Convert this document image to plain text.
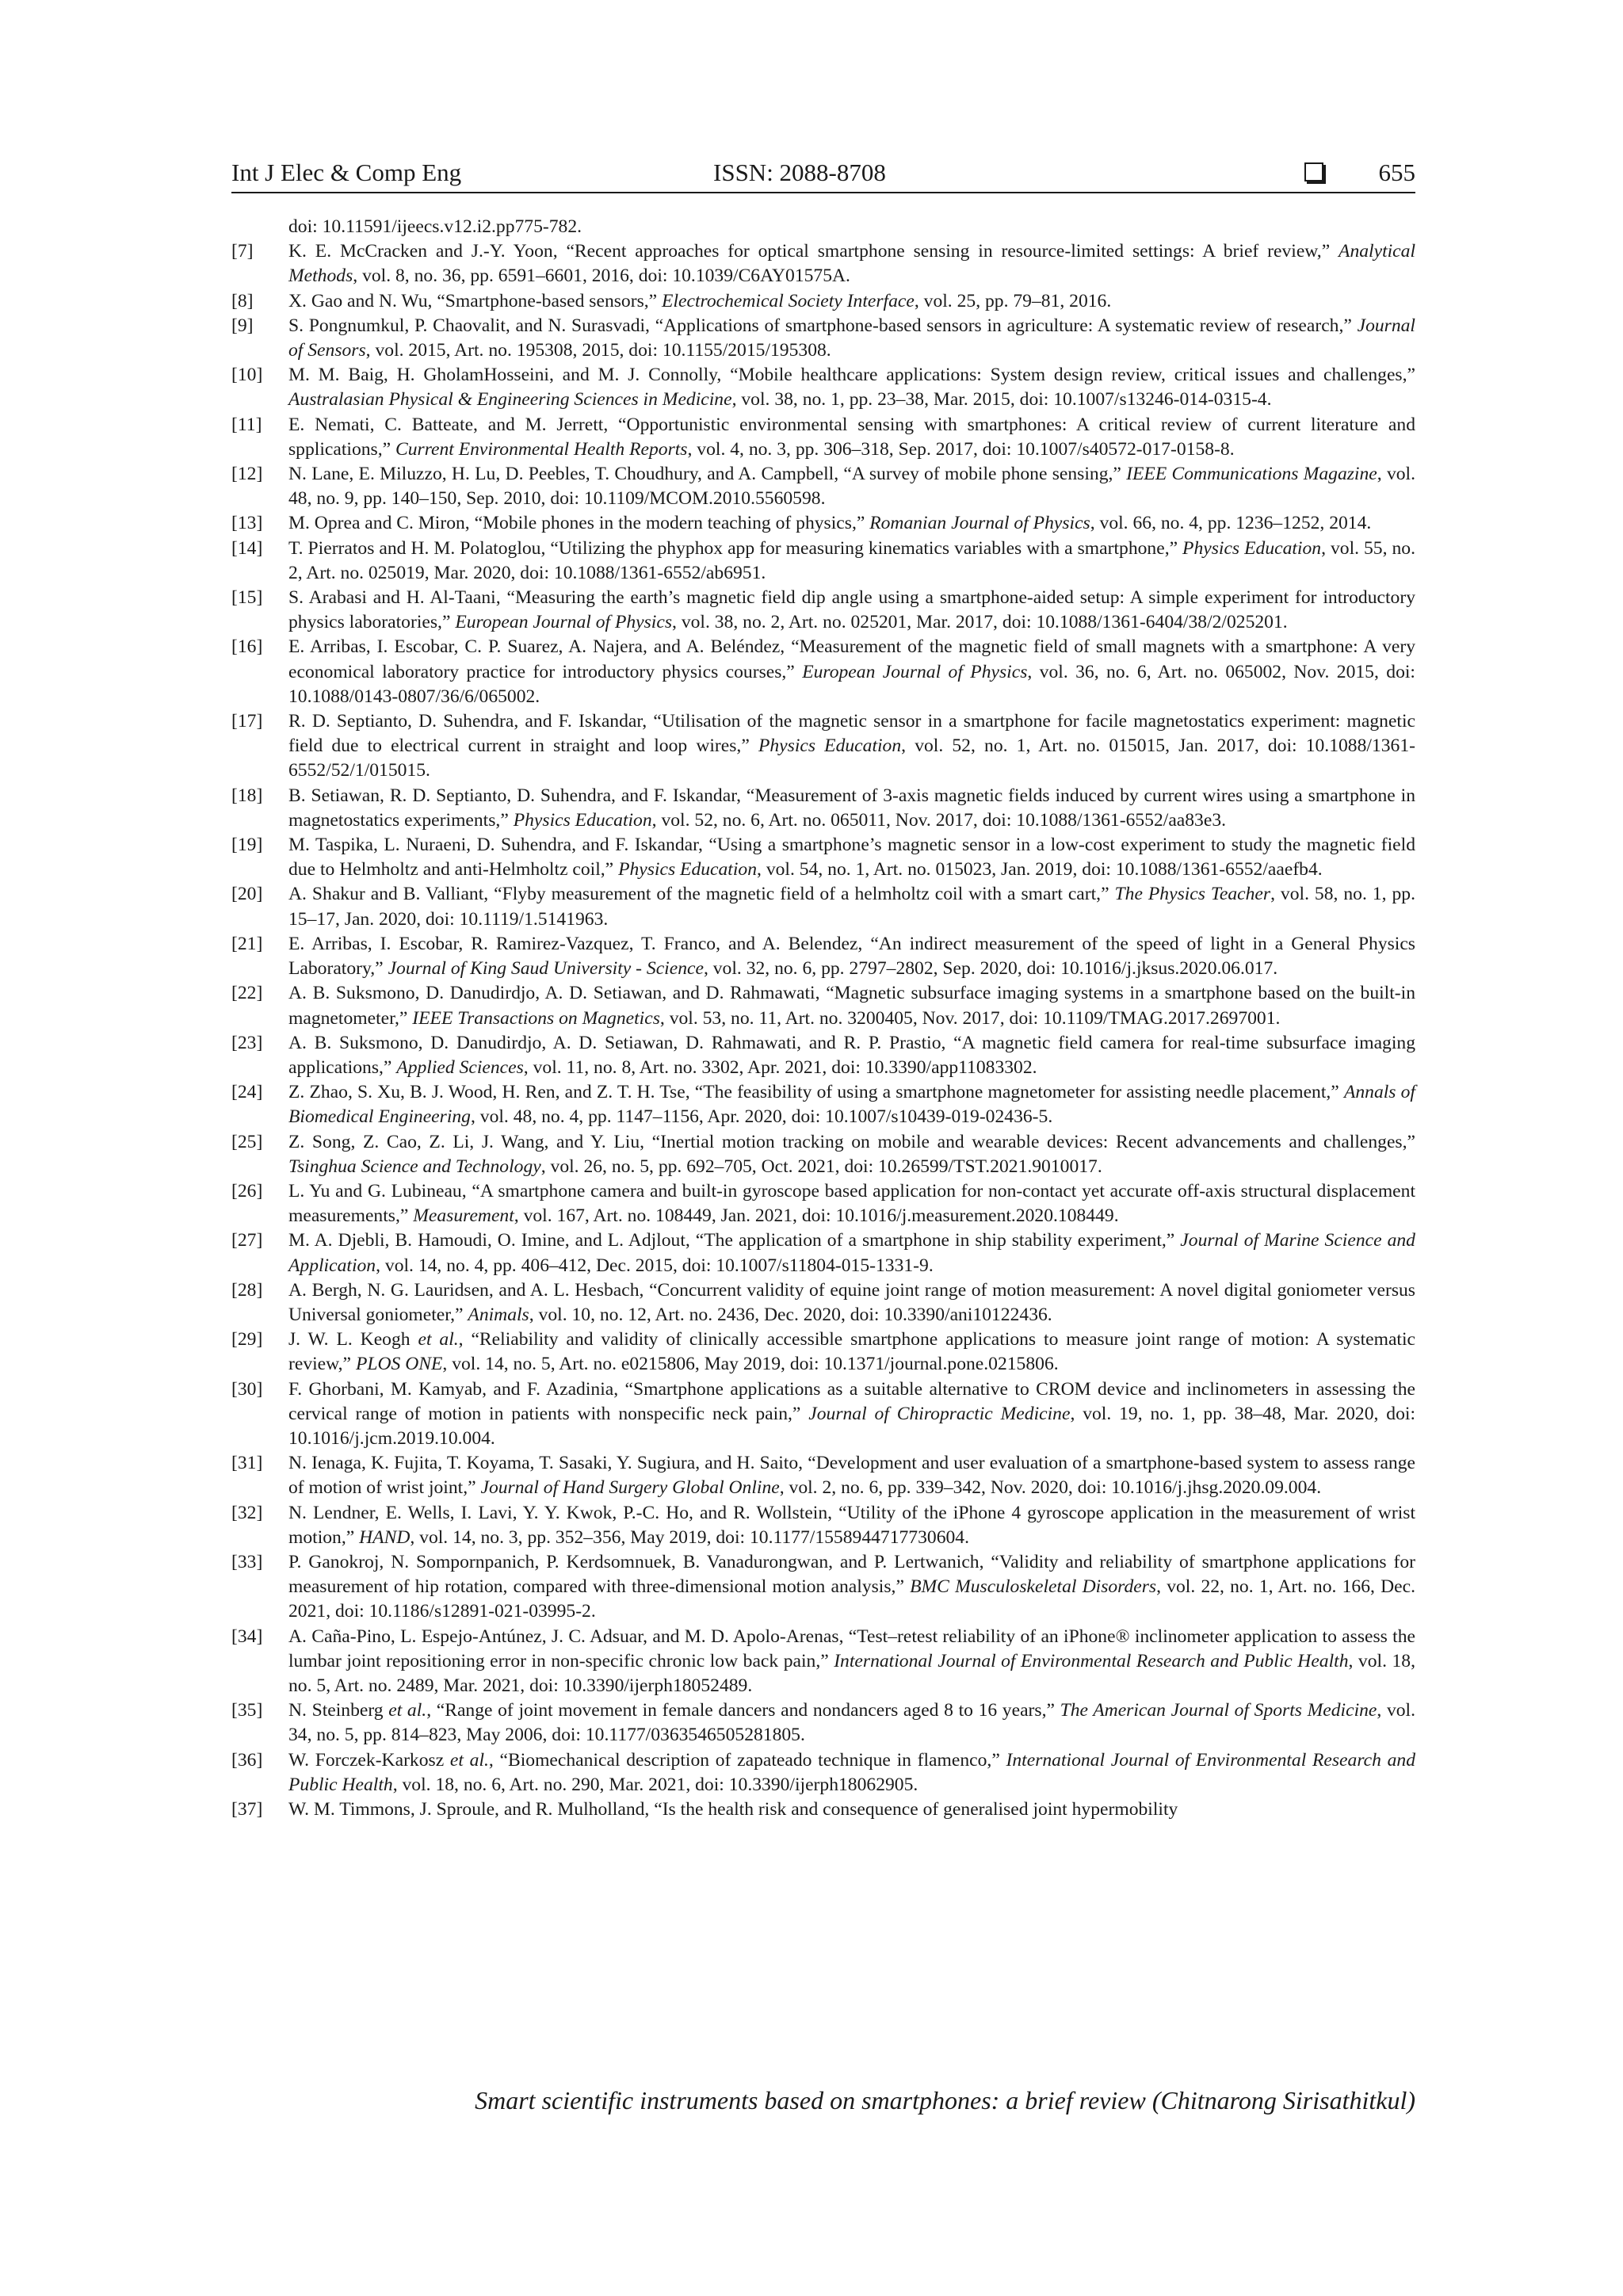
Int J Elec & Comp Eng	ISSN: 2088-8708	655
doi: 10.11591/ijeecs.v12.i2.pp775-782.
[7]	K. E. McCracken and J.-Y. Yoon, “Recent approaches for optical smartphone sensing in resource-limited settings: A brief review,” Analytical Methods, vol. 8, no. 36, pp. 6591–6601, 2016, doi: 10.1039/C6AY01575A.
[8]	X. Gao and N. Wu, “Smartphone-based sensors,” Electrochemical Society Interface, vol. 25, pp. 79–81, 2016.
[9]	S. Pongnumkul, P. Chaovalit, and N. Surasvadi, “Applications of smartphone-based sensors in agriculture: A systematic review of research,” Journal of Sensors, vol. 2015, Art. no. 195308, 2015, doi: 10.1155/2015/195308.
[10]	M. M. Baig, H. GholamHosseini, and M. J. Connolly, “Mobile healthcare applications: System design review, critical issues and challenges,” Australasian Physical & Engineering Sciences in Medicine, vol. 38, no. 1, pp. 23–38, Mar. 2015, doi: 10.1007/s13246-014-0315-4.
[11]	E. Nemati, C. Batteate, and M. Jerrett, “Opportunistic environmental sensing with smartphones: A critical review of current literature and spplications,” Current Environmental Health Reports, vol. 4, no. 3, pp. 306–318, Sep. 2017, doi: 10.1007/s40572-017-0158-8.
[12]	N. Lane, E. Miluzzo, H. Lu, D. Peebles, T. Choudhury, and A. Campbell, “A survey of mobile phone sensing,” IEEE Communications Magazine, vol. 48, no. 9, pp. 140–150, Sep. 2010, doi: 10.1109/MCOM.2010.5560598.
[13]	M. Oprea and C. Miron, “Mobile phones in the modern teaching of physics,” Romanian Journal of Physics, vol. 66, no. 4, pp. 1236–1252, 2014.
[14]	T. Pierratos and H. M. Polatoglou, “Utilizing the phyphox app for measuring kinematics variables with a smartphone,” Physics Education, vol. 55, no. 2, Art. no. 025019, Mar. 2020, doi: 10.1088/1361-6552/ab6951.
[15]	S. Arabasi and H. Al-Taani, “Measuring the earth’s magnetic field dip angle using a smartphone-aided setup: A simple experiment for introductory physics laboratories,” European Journal of Physics, vol. 38, no. 2, Art. no. 025201, Mar. 2017, doi: 10.1088/1361-6404/38/2/025201.
[16]	E. Arribas, I. Escobar, C. P. Suarez, A. Najera, and A. Beléndez, “Measurement of the magnetic field of small magnets with a smartphone: A very economical laboratory practice for introductory physics courses,” European Journal of Physics, vol. 36, no. 6, Art. no. 065002, Nov. 2015, doi: 10.1088/0143-0807/36/6/065002.
[17]	R. D. Septianto, D. Suhendra, and F. Iskandar, “Utilisation of the magnetic sensor in a smartphone for facile magnetostatics experiment: magnetic field due to electrical current in straight and loop wires,” Physics Education, vol. 52, no. 1, Art. no. 015015, Jan. 2017, doi: 10.1088/1361-6552/52/1/015015.
[18]	B. Setiawan, R. D. Septianto, D. Suhendra, and F. Iskandar, “Measurement of 3-axis magnetic fields induced by current wires using a smartphone in magnetostatics experiments,” Physics Education, vol. 52, no. 6, Art. no. 065011, Nov. 2017, doi: 10.1088/1361-6552/aa83e3.
[19]	M. Taspika, L. Nuraeni, D. Suhendra, and F. Iskandar, “Using a smartphone’s magnetic sensor in a low-cost experiment to study the magnetic field due to Helmholtz and anti-Helmholtz coil,” Physics Education, vol. 54, no. 1, Art. no. 015023, Jan. 2019, doi: 10.1088/1361-6552/aaefb4.
[20]	A. Shakur and B. Valliant, “Flyby measurement of the magnetic field of a helmholtz coil with a smart cart,” The Physics Teacher, vol. 58, no. 1, pp. 15–17, Jan. 2020, doi: 10.1119/1.5141963.
[21]	E. Arribas, I. Escobar, R. Ramirez-Vazquez, T. Franco, and A. Belendez, “An indirect measurement of the speed of light in a General Physics Laboratory,” Journal of King Saud University - Science, vol. 32, no. 6, pp. 2797–2802, Sep. 2020, doi: 10.1016/j.jksus.2020.06.017.
[22]	A. B. Suksmono, D. Danudirdjo, A. D. Setiawan, and D. Rahmawati, “Magnetic subsurface imaging systems in a smartphone based on the built-in magnetometer,” IEEE Transactions on Magnetics, vol. 53, no. 11, Art. no. 3200405, Nov. 2017, doi: 10.1109/TMAG.2017.2697001.
[23]	A. B. Suksmono, D. Danudirdjo, A. D. Setiawan, D. Rahmawati, and R. P. Prastio, “A magnetic field camera for real-time subsurface imaging applications,” Applied Sciences, vol. 11, no. 8, Art. no. 3302, Apr. 2021, doi: 10.3390/app11083302.
[24]	Z. Zhao, S. Xu, B. J. Wood, H. Ren, and Z. T. H. Tse, “The feasibility of using a smartphone magnetometer for assisting needle placement,” Annals of Biomedical Engineering, vol. 48, no. 4, pp. 1147–1156, Apr. 2020, doi: 10.1007/s10439-019-02436-5.
[25]	Z. Song, Z. Cao, Z. Li, J. Wang, and Y. Liu, “Inertial motion tracking on mobile and wearable devices: Recent advancements and challenges,” Tsinghua Science and Technology, vol. 26, no. 5, pp. 692–705, Oct. 2021, doi: 10.26599/TST.2021.9010017.
[26]	L. Yu and G. Lubineau, “A smartphone camera and built-in gyroscope based application for non-contact yet accurate off-axis structural displacement measurements,” Measurement, vol. 167, Art. no. 108449, Jan. 2021, doi: 10.1016/j.measurement.2020.108449.
[27]	M. A. Djebli, B. Hamoudi, O. Imine, and L. Adjlout, “The application of a smartphone in ship stability experiment,” Journal of Marine Science and Application, vol. 14, no. 4, pp. 406–412, Dec. 2015, doi: 10.1007/s11804-015-1331-9.
[28]	A. Bergh, N. G. Lauridsen, and A. L. Hesbach, “Concurrent validity of equine joint range of motion measurement: A novel digital goniometer versus Universal goniometer,” Animals, vol. 10, no. 12, Art. no. 2436, Dec. 2020, doi: 10.3390/ani10122436.
[29]	J. W. L. Keogh et al., “Reliability and validity of clinically accessible smartphone applications to measure joint range of motion: A systematic review,” PLOS ONE, vol. 14, no. 5, Art. no. e0215806, May 2019, doi: 10.1371/journal.pone.0215806.
[30]	F. Ghorbani, M. Kamyab, and F. Azadinia, “Smartphone applications as a suitable alternative to CROM device and inclinometers in assessing the cervical range of motion in patients with nonspecific neck pain,” Journal of Chiropractic Medicine, vol. 19, no. 1, pp. 38–48, Mar. 2020, doi: 10.1016/j.jcm.2019.10.004.
[31]	N. Ienaga, K. Fujita, T. Koyama, T. Sasaki, Y. Sugiura, and H. Saito, “Development and user evaluation of a smartphone-based system to assess range of motion of wrist joint,” Journal of Hand Surgery Global Online, vol. 2, no. 6, pp. 339–342, Nov. 2020, doi: 10.1016/j.jhsg.2020.09.004.
[32]	N. Lendner, E. Wells, I. Lavi, Y. Y. Kwok, P.-C. Ho, and R. Wollstein, “Utility of the iPhone 4 gyroscope application in the measurement of wrist motion,” HAND, vol. 14, no. 3, pp. 352–356, May 2019, doi: 10.1177/1558944717730604.
[33]	P. Ganokroj, N. Sompornpanich, P. Kerdsomnuek, B. Vanadurongwan, and P. Lertwanich, “Validity and reliability of smartphone applications for measurement of hip rotation, compared with three-dimensional motion analysis,” BMC Musculoskeletal Disorders, vol. 22, no. 1, Art. no. 166, Dec. 2021, doi: 10.1186/s12891-021-03995-2.
[34]	A. Caña-Pino, L. Espejo-Antúnez, J. C. Adsuar, and M. D. Apolo-Arenas, “Test–retest reliability of an iPhone® inclinometer application to assess the lumbar joint repositioning error in non-specific chronic low back pain,” International Journal of Environmental Research and Public Health, vol. 18, no. 5, Art. no. 2489, Mar. 2021, doi: 10.3390/ijerph18052489.
[35]	N. Steinberg et al., “Range of joint movement in female dancers and nondancers aged 8 to 16 years,” The American Journal of Sports Medicine, vol. 34, no. 5, pp. 814–823, May 2006, doi: 10.1177/0363546505281805.
[36]	W. Forczek-Karkosz et al., “Biomechanical description of zapateado technique in flamenco,” International Journal of Environmental Research and Public Health, vol. 18, no. 6, Art. no. 290, Mar. 2021, doi: 10.3390/ijerph18062905.
[37]	W. M. Timmons, J. Sproule, and R. Mulholland, “Is the health risk and consequence of generalised joint hypermobility
Smart scientific instruments based on smartphones: a brief review (Chitnarong Sirisathitkul)
